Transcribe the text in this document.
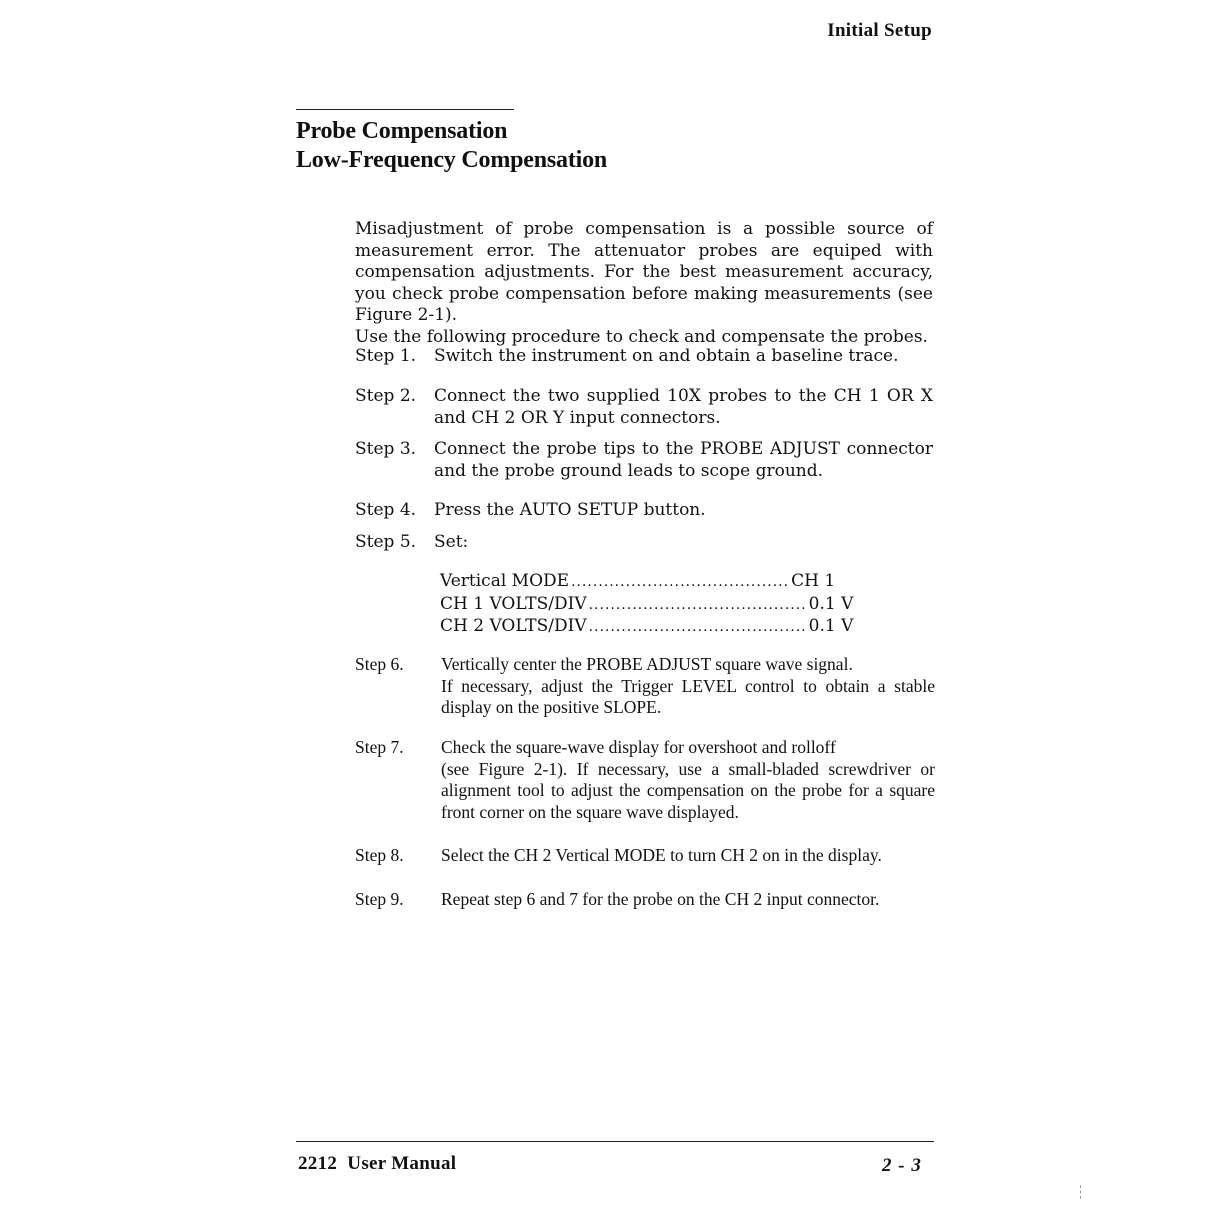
Initial Setup
Probe Compensation
Low-Frequency Compensation

Misadjustment of probe compensation is a possible source of measurement error. The attenuator probes are equiped with compensation adjustments. For the best measurement accuracy, you check probe compensation before making measurements (see Figure 2-1).

Use the following procedure to check and compensate the probes.

Step 1. Switch the instrument on and obtain a baseline trace.
Step 2. Connect the two supplied 10X probes to the CH 1 OR X and CH 2 OR Y input connectors.
Step 3. Connect the probe tips to the PROBE ADJUST connector and the probe ground leads to scope ground.
Step 4. Press the AUTO SETUP button.
Step 5. Set:
Vertical MODE ........................................ CH 1
CH 1 VOLTS/DIV ........................................ 0.1 V
CH 2 VOLTS/DIV ........................................ 0.1 V
Step 6. Vertically center the PROBE ADJUST square wave signal.
If necessary, adjust the Trigger LEVEL control to obtain a stable display on the positive SLOPE.
Step 7. Check the square-wave display for overshoot and rolloff
(see Figure 2-1). If necessary, use a small-bladed screwdriver or alignment tool to adjust the compensation on the probe for a square front corner on the square wave displayed.
Step 8. Select the CH 2 Vertical MODE to turn CH 2 on in the display.
Step 9. Repeat step 6 and 7 for the probe on the CH 2 input connector.
2212  User Manual	2 - 3
